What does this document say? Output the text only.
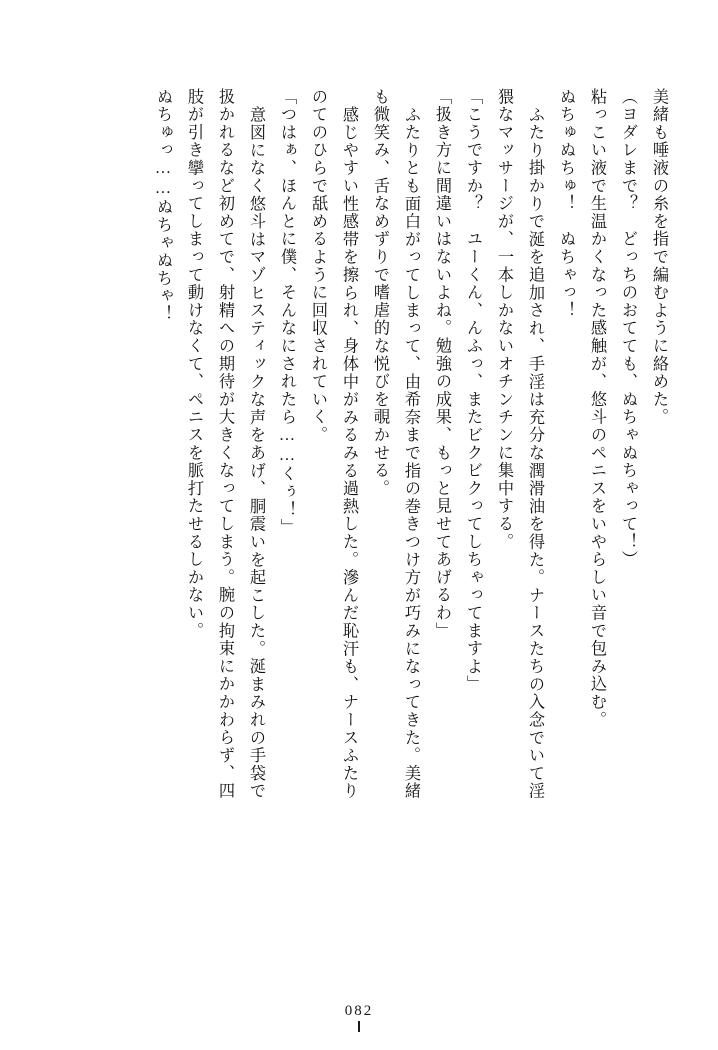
美緒も唾液の糸を指で編むように絡めた。
（ヨダレまで？　どっちのおてても、ぬちゃぬちゃって！）
粘っこい液で生温かくなった感触が、悠斗のペニスをいやらしい音で包み込む。
ぬちゅぬちゅ！　ぬちゃっ！
ふたり掛かりで涎を追加され、手淫は充分な潤滑油を得た。ナースたちの入念でいて淫
猥なマッサージが、一本しかないオチンチンに集中する。
「こうですか？　ユーくん、んふっ、またビクビクってしちゃってますよ」
「扱き方に間違いはないよね。勉強の成果、もっと見せてあげるわ」
ふたりとも面白がってしまって、由希奈まで指の巻きつけ方が巧みになってきた。美緒
も微笑み、舌なめずりで嗜虐的な悦びを覗かせる。
感じやすい性感帯を擦られ、身体中がみるみる過熱した。滲んだ恥汗も、ナースふたり
のてのひらで舐めるように回収されていく。
「つはぁ、ほんとに僕、そんなにされたら……くぅ！」
意図になく悠斗はマゾヒスティックな声をあげ、胴震いを起こした。涎まみれの手袋で
扱かれるなど初めてで、射精への期待が大きくなってしまう。腕の拘束にかかわらず、四
肢が引き攣ってしまって動けなくて、ペニスを脈打たせるしかない。
ぬちゅっ……ぬちゃぬちゃ！
082
